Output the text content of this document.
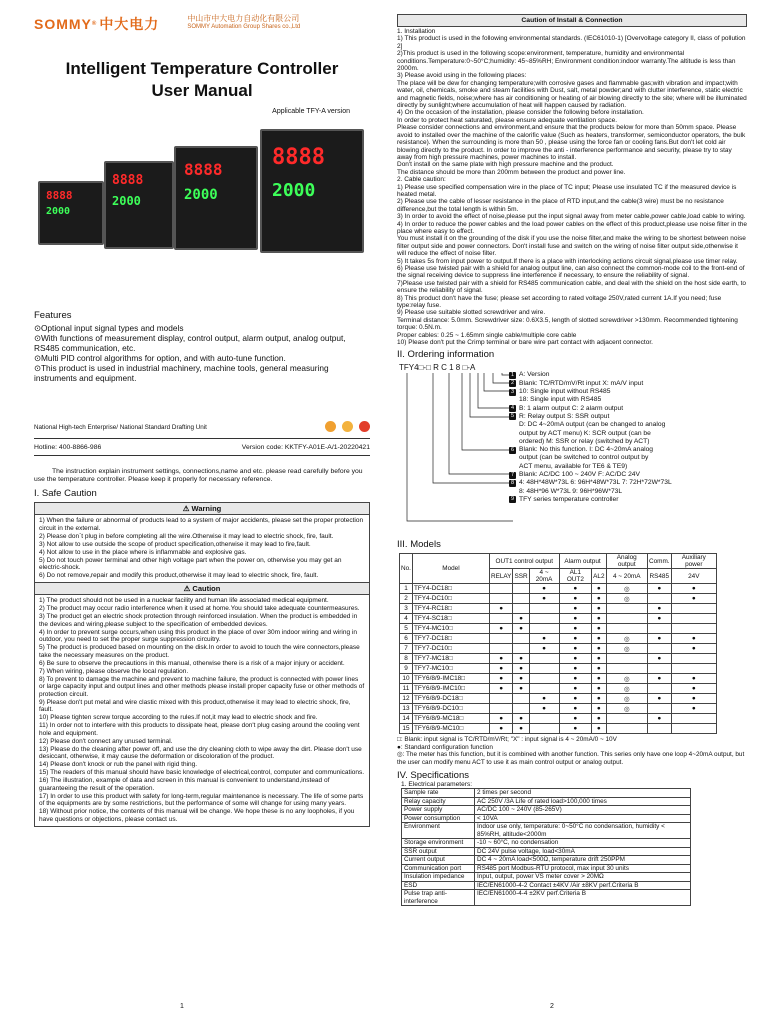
SOMMY ® 中大电力	中山市中大电力自动化有限公司
SOMMY Automation Group Shares co.,Ltd
Intelligent Temperature Controller
User Manual
Applicable TFY-A version
8888
2000
8888
2000
8888
2000
8888
2000
Features
⊙Optional input signal types and models
⊙With functions of measurement display, control output, alarm output, analog output, RS485 communication, etc.
⊙Multi PID control algorithms for option, and with auto-tune function.
⊙This product is used in industrial machinery, machine tools, general measuring instruments and equipment.
National High-tech Enterprise/ National Standard Drafting Unit
Hotline: 400-8866-986	Version code: KKTFY-A01E-A/1-20220421
The instruction explain instrument settings, connections,name and etc. please read carefully before you use the temperature controller. Please keep it properly for necessary reference.
I. Safe Caution
⚠ Warning
1) When the failure or abnormal of products lead to a system of major accidents, please set the proper protection circuit in the external.
2) Please don`t plug in before completing all the wire.Otherwise it may lead to electric shock, fire, fault.
3) Not allow to use outside the scope of product specification,otherwise it may lead to fire,fault.
4) Not allow to use in the place where is inflammable and explosive gas.
5) Do not touch power terminal and other high voltage part when the power on, otherwise you may get an electric-shock.
6) Do not remove,repair and modify this product,otherwise it may lead to electric shock, fire, fault.
⚠ Caution
1) The product should not be used in a nuclear facility and human life associated medical equipment.
2) The product may occur radio interference when it used at home.You should take adequate countermeasures.
3) The product get an electric shock protection through reinforced insulation. When the product is embedded in the devices and wiring,please subject to the specification of embedded devices.
4) In order to prevent surge occurs,when using this product in the place of over 30m indoor wiring and wiring in outdoor, you need to set the proper surge suppression circuitry.
5) The product is produced based on mounting on the disk.In order to avoid to touch the wire connectors,please take the necessary measures on the product.
6) Be sure to observe the precautions in this manual, otherwise there is a risk of a major injury or accident.
7) When wiring, please observe the local regulation.
8) To prevent to damage the machine and prevent to machine failure, the product is connected with power lines or large capacity input and output lines and other methods please install proper capacity fuse or other methods of protection circuit.
9) Please don't put metal and wire clastic mixed with this product,otherwise it may lead to electric shock, fire, fault.
10) Please tighten screw torque according to the rules.If not,it may lead to electric shock and fire.
11) In order not to interfere with this products to dissipate heat, please don't plug casing around the cooling vent hole and equipment.
12) Please don't connect any unused terminal.
13) Please do the cleaning after power off, and use the dry cleaning cloth to wipe away the dirt. Please don't use desiccant, otherwise, it may cause the deformation or discoloration of the product.
14) Please don't knock or rub the panel with rigid thing.
15) The readers of this manual should have basic knowledge of electrical,control, computer and communications.
16) The illustration, example of data and screen in this manual is convenient to understand,instead of guaranteeing the result of the operation.
17) In order to use this product with safety for long-term,regular maintenance is necessary. The life of some parts of the equipments are by some restrictions, but the performance of some will change for using many years.
18) Without prior notice, the contents of this manual will be change. We hope these is no any loopholes, if you have questions or objections, please contact us.
1
Caution of Install & Connection
1. Installation
1) This product is used in the following environmental standards. (IEC61010-1) [Overvoltage category II, class of pollution 2]
2)This product is used in the following scope:environment, temperature, humidity and environmental conditions.Temperature:0~50°C;humidity: 45~85%RH; Environment condition:indoor warranty.The altitude is less than 2000m.
3) Please avoid using in the following places:
The place will be dew for changing temperature;with corrosive gases and flammable gas;with vibration and impact;with water, oil, chemicals, smoke and steam facilities with Dust, salt, metal powder;and with clutter interference, static electric and magnetic fields, noise;where has air conditioning or heating of air blowing directly to the site; where will be illuminated directly by sunlight;where accumulation of heat will happen caused by radiation.
4) On the occasion of the installation, please consider the following before installation.
In order to protect heat saturated, please ensure adequate ventilation space.
Please consider connections and environment,and ensure that the products below for more than 50mm space. Please avoid to installed over the machine of the calorific value (Such as heaters, transformer, semiconductor operators, the bulk resistance). When the surrounding is more than 50 , please using the force fan or cooling fans.But don't let cold air blowing directly to the product. In order to improve the anti - interference performance and security, please try to stay away from high pressure machines, power machines to install.
Don't install on the same plate with high pressure machine and the product.
The distance should be more than 200mm between the product and power line.
2. Cable caution:
1) Please use specified compensation wire in the place of TC input; Please use insulated TC if the measured device is heated metal.
2) Please use the cable of lesser resistance in the place of RTD input,and the cable(3 wire) must be no resistance difference,but the total length is within 5m.
3) In order to avoid the effect of noise,please put the input signal away from meter cable,power cable,load cable to wiring.
4) In order to reduce the power cables and the load power cables on the effect of this product,please use noise filter in the place where easy to effect.
You must install it on the grounding of the disk if you use the noise filter,and make the wiring to be shortest between noise filter output side and power connectors. Don't install fuse and switch on the wiring of noise filter output side,otherwise it will reduce the effect of noise filter.
5) It takes 5s from input power to output.If there is a place with interlocking actions circuit signal,please use timer relay.
6) Please use twisted pair with a shield for analog output line, can also connect the common-mode coil to the front-end of the signal receiving device to suppress line interference if necessary, to ensure the reliability of signal.
7)Please use twisted pair with a shield for RS485 communication cable, and deal with the shield on the host side earth, to ensure the reliability of signal.
8) This product don't have the fuse; please set according to rated voltage 250V,rated current 1A.If you need; fuse type:relay fuse.
9) Please use suitable slotted screwdriver and wire.
Terminal distance: 5.0mm. Screwdriver size: 0.6X3.5, length of slotted screwdriver >130mm. Recommended tightening torque: 0.5N.m.
Proper cables: 0.25 ~ 1.65mm single cable/multiple core cable
10) Please don't put the Crimp terminal or bare wire part contact with adjacent connector.
II. Ordering information
TFY4□-□ R C 1 8 □-A
1 A: Version
2 Blank: TC/RTD/mV/Rt input X: mA/V input
3 10: Single input without RS485
18: Single input with RS485
4 B: 1 alarm output C: 2 alarm output
5 R: Relay output S: SSR output
D: DC 4~20mA output (can be changed to analog
output by ACT menu) K: SCR output (can be
ordered) M: SSR or relay (switched by ACT)
6 Blank: No this function. I: DC 4~20mA analog
output (can be switched to control output by
ACT menu, available for TE6 & TE9)
7 Blank: AC/DC 100 ~ 240V F: AC/DC 24V
8 4: 48H*48W*73L 6: 96H*48W*73L 7: 72H*72W*73L
8: 48H*96 W*73L 9: 96H*96W*73L
9 TFY series temperature controller
III. Models
No.	Model	OUT1 control output			Alarm output		Analog output	Comm.	Auxiliary power
		RELAY	SSR	4 ~ 20mA	AL1 OUT2	AL2	4 ~ 20mA	RS485	24V
1	TFY4-DC18□			●	●	●	◎	●	●
2	TFY4-DC10□			●	●	●	◎		●
3	TFY4-RC18□	●			●	●		●	
4	TFY4-SC18□		●		●	●		●	
5	TFY4-MC10□	●	●		●	●			
6	TFY7-DC18□			●	●	●	◎	●	●
7	TFY7-DC10□			●	●	●	◎		●
8	TFY7-MC18□	●	●		●	●		●	
9	TFY7-MC10□	●	●		●	●			
10	TFY6/8/9-IMC18□	●	●		●	●	◎	●	●
11	TFY6/8/9-IMC10□	●	●		●	●	◎		●
12	TFY6/8/9-DC18□			●	●	●	◎	●	●
13	TFY6/8/9-DC10□			●	●	●	◎		●
14	TFY6/8/9-MC18□	●	●		●	●		●	
15	TFY6/8/9-MC10□	●	●		●	●			
□: Blank: input signal is TC/RTD/mV/Rt; "X" : input signal is 4 ~ 20mA/0 ~ 10V
●: Standard configuration function
◎: The meter has this function, but it is combined with another function. This series only have one loop 4~20mA output, but the user can modify menu ACT to use it as main control output or analog output.
IV. Specifications
1. Electrical parameters:
Sample rate	2 times per second
Relay capacity	AC 250V /3A Life of rated load>100,000 times
Power supply	AC/DC 100 ~ 240V (85-265V)
Power consumption	< 10VA
Environment	Indoor use only, temperature: 0~50°C no condensation, humidity < 85%RH, altitude<2000m
Storage environment	-10 ~ 60°C, no condensation
SSR output	DC 24V pulse voltage, load<30mA
Current output	DC 4 ~ 20mA load<500Ω, temperature drift 250PPM
Communication port	RS485 port Modbus-RTU protocol, max input 30 units
Insulation impedance	Input, output, power VS meter cover > 20MΩ
ESD	IEC/EN61000-4-2 Contact ±4KV /Air ±8KV perf.Criteria B
Pulse trap anti-interference	IEC/EN61000-4-4 ±2KV perf.Criteria B
2
